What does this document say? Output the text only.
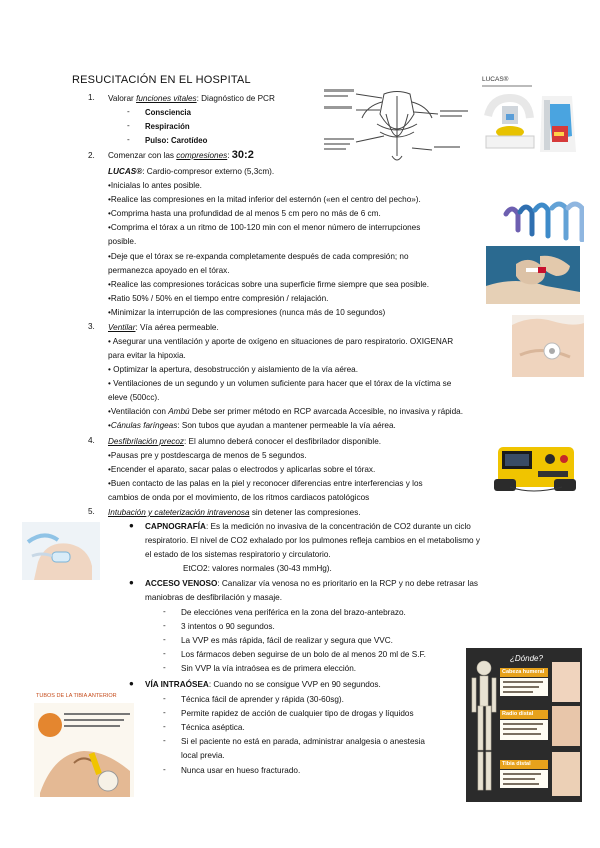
RESUCITACIÓN EN EL HOSPITAL
1. Valorar funciones vitales: Diagnóstico de PCR
- Consciencia
- Respiración
- Pulso: Carotídeo
2. Comenzar con las compresiones: 30:2
LUCAS®: Cardio-compresor externo (5,3cm).
•Inicialas lo antes posible.
•Realice las compresiones en la mitad inferior del esternón («en el centro del pecho»).
•Comprima hasta una profundidad de al menos 5 cm pero no más de 6 cm.
•Comprima el tórax a un ritmo de 100-120 min con el menor número de interrupciones
posible.
•Deje que el tórax se re-expanda completamente después de cada compresión; no
permanezca apoyado en el tórax.
•Realice las compresiones torácicas sobre una superficie firme siempre que sea posible.
•Ratio 50% / 50% en el tiempo entre compresión / relajación.
•Minimizar la interrupción de las compresiones (nunca más de 10 segundos)
3. Ventilar: Vía aérea permeable.
• Asegurar una ventilación y aporte de oxígeno en situaciones de paro respiratorio. OXIGENAR
para evitar la hipoxia.
• Optimizar la apertura, desobstrucción y aislamiento de la vía aérea.
• Ventilaciones de un segundo y un volumen suficiente para hacer que el tórax de la víctima se
eleve (500cc).
•Ventilación con Ambú Debe ser primer método en RCP avarcada Accesible, no invasiva y rápida.
•Cánulas faríngeas: Son tubos que ayudan a mantener permeable la vía aérea.
4. Desfibrilación precoz: El alumno deberá conocer el desfibrilador disponible.
•Pausas pre y postdescarga de menos de 5 segundos.
•Encender el aparato, sacar palas o electrodos y aplicarlas sobre el tórax.
•Buen contacto de las palas en la piel y reconocer diferencias entre interferencias y los
cambios de onda por el movimiento, de los ritmos cardiacos patológicos
5. Intubación y cateterización intravenosa sin detener las compresiones.
● CAPNOGRAFÍA: Es la medición no invasiva de la concentración de CO2 durante un ciclo
respiratorio. El nivel de CO2 exhalado por los pulmones refleja cambios en el metabolismo y
el estado de los sistemas respiratorio y circulatorio.
EtCO2: valores normales (30-43 mmHg).
● ACCESO VENOSO: Canalizar vía venosa no es prioritario en la RCP y no debe retrasar las
maniobras de desfibrilación y masaje.
- De elecciónes vena periférica en la zona del brazo-antebrazo.
- 3 intentos o 90 segundos.
- La VVP es más rápida, fácil de realizar y segura que VVC.
- Los fármacos deben seguirse de un bolo de al menos 20 ml de S.F.
- Sin VVP la vía intraósea es de primera elección.
● VÍA INTRAÓSEA: Cuando no se consigue VVP en 90 segundos.
- Técnica fácil de aprender y rápida (30-60sg).
- Permite rapidez de acción de cualquier tipo de drogas y líquidos
- Técnica aséptica.
- Si el paciente no está en parada, administrar analgesia o anestesia
local previa.
- Nunca usar en hueso fracturado.
LUCAS®
TUBOS DE LA TIBIA ANTERIOR
¿Dónde?
Cabeza humeral
Radio distal
Tibia distal
